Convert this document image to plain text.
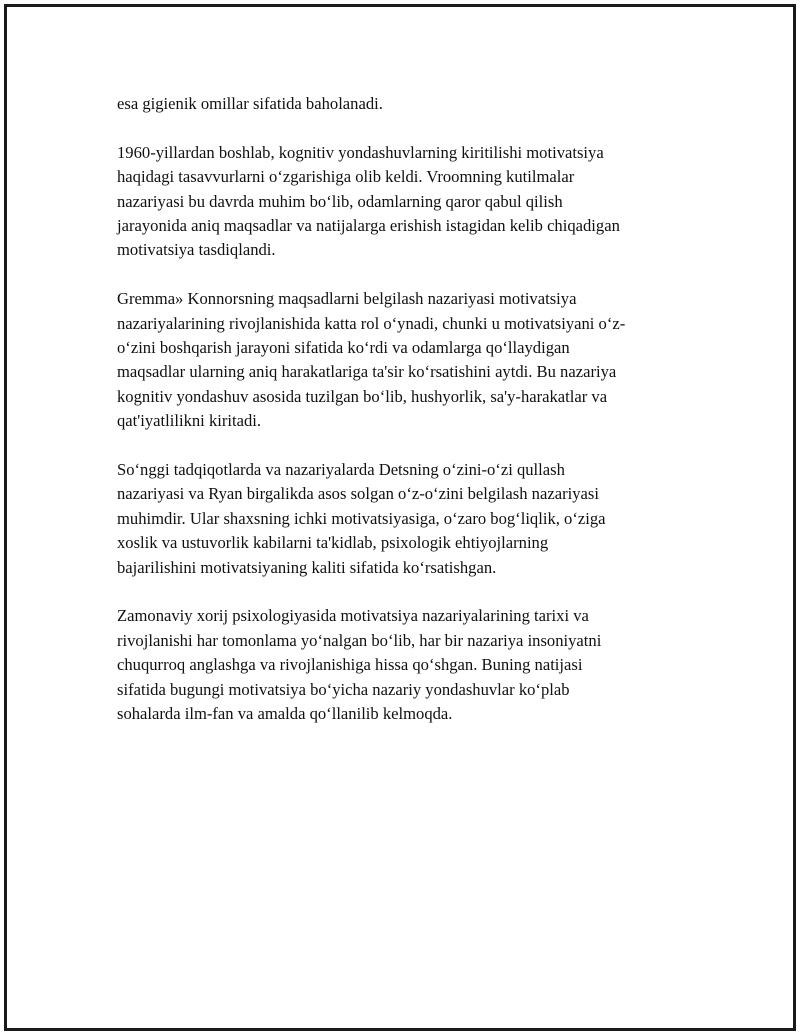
esa gigienik omillar sifatida baholanadi.

1960-yillardan boshlab, kognitiv yondashuvlarning kiritilishi motivatsiya
haqidagi tasavvurlarni o‘zgarishiga olib keldi. Vroomning kutilmalar
nazariyasi bu davrda muhim bo‘lib, odamlarning qaror qabul qilish
jarayonida aniq maqsadlar va natijalarga erishish istagidan kelib chiqadigan
motivatsiya tasdiqlandi.

Gremma» Konnorsning maqsadlarni belgilash nazariyasi motivatsiya
nazariyalarining rivojlanishida katta rol o‘ynadi, chunki u motivatsiyani o‘z-
o‘zini boshqarish jarayoni sifatida ko‘rdi va odamlarga qo‘llaydigan
maqsadlar ularning aniq harakatlariga ta'sir ko‘rsatishini aytdi. Bu nazariya
kognitiv yondashuv asosida tuzilgan bo‘lib, hushyorlik, sa'y-harakatlar va
qat'iyatlilikni kiritadi.

So‘nggi tadqiqotlarda va nazariyalarda Detsning o‘zini-o‘zi qullash
nazariyasi va Ryan birgalikda asos solgan o‘z-o‘zini belgilash nazariyasi
muhimdir. Ular shaxsning ichki motivatsiyasiga, o‘zaro bog‘liqlik, o‘ziga
xoslik va ustuvorlik kabilarni ta'kidlab, psixologik ehtiyojlarning
bajarilishini motivatsiyaning kaliti sifatida ko‘rsatishgan.

Zamonaviy xorij psixologiyasida motivatsiya nazariyalarining tarixi va
rivojlanishi har tomonlama yo‘nalgan bo‘lib, har bir nazariya insoniyatni
chuqurroq anglashga va rivojlanishiga hissa qo‘shgan. Buning natijasi
sifatida bugungi motivatsiya bo‘yicha nazariy yondashuvlar ko‘plab
sohalarda ilm-fan va amalda qo‘llanilib kelmoqda.
